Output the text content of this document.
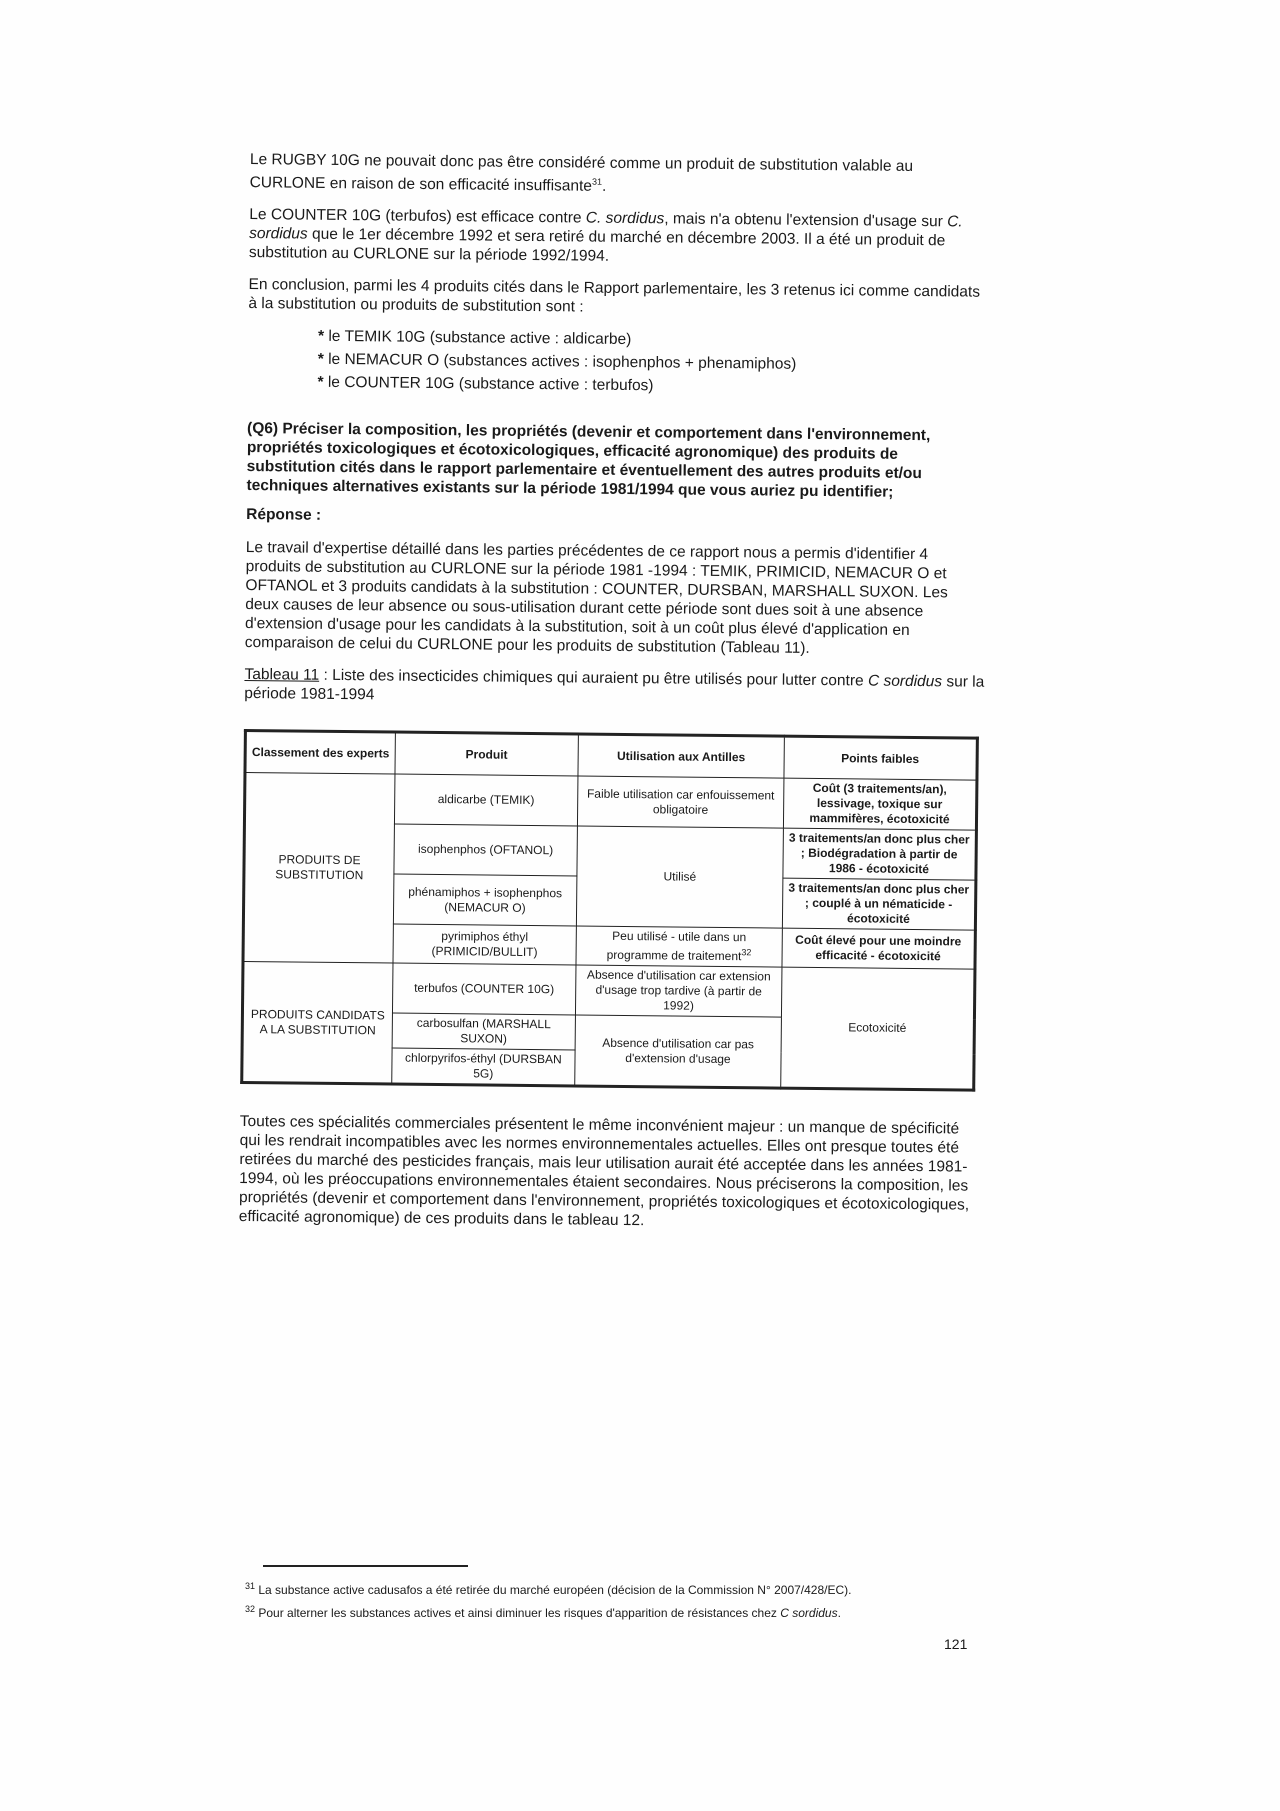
Le RUGBY 10G ne pouvait donc pas être considéré comme un produit de substitution valable au CURLONE en raison de son efficacité insuffisante$^{31}$.

Le COUNTER 10G (terbufos) est efficace contre C. sordidus, mais n'a obtenu l'extension d'usage sur C. sordidus que le 1er décembre 1992 et sera retiré du marché en décembre 2003. Il a été un produit de substitution au CURLONE sur la période 1992/1994.

En conclusion, parmi les 4 produits cités dans le Rapport parlementaire, les 3 retenus ici comme candidats à la substitution ou produits de substitution sont :

* le TEMIK 10G (substance active : aldicarbe)
* le NEMACUR O (substances actives : isophenphos + phenamiphos)
* le COUNTER 10G (substance active : terbufos)

(Q6) Préciser la composition, les propriétés (devenir et comportement dans l'environnement, propriétés toxicologiques et écotoxicologiques, efficacité agronomique) des produits de substitution cités dans le rapport parlementaire et éventuellement des autres produits et/ou techniques alternatives existants sur la période 1981/1994 que vous auriez pu identifier;

Réponse :

Le travail d'expertise détaillé dans les parties précédentes de ce rapport nous a permis d'identifier 4 produits de substitution au CURLONE sur la période 1981 -1994 : TEMIK, PRIMICID, NEMACUR O et OFTANOL et 3 produits candidats à la substitution : COUNTER, DURSBAN, MARSHALL SUXON. Les deux causes de leur absence ou sous-utilisation durant cette période sont dues soit à une absence d'extension d'usage pour les candidats à la substitution, soit à un coût plus élevé d'application en comparaison de celui du CURLONE pour les produits de substitution (Tableau 11).

Tableau 11 : Liste des insecticides chimiques qui auraient pu être utilisés pour lutter contre C sordidus sur la période 1981-1994

Classement des experts	Produit	Utilisation aux Antilles	Points faibles
PRODUITS DE SUBSTITUTION	aldicarbe (TEMIK)	Faible utilisation car enfouissement obligatoire	Coût (3 traitements/an), lessivage, toxique sur mammifères, écotoxicité
	isophenphos (OFTANOL)	Utilisé	3 traitements/an donc plus cher ; Biodégradation à partir de 1986 - écotoxicité
	phénamiphos + isophenphos (NEMACUR O)		3 traitements/an donc plus cher ; couplé à un nématicide - écotoxicité
	pyrimiphos éthyl (PRIMICID/BULLIT)	Peu utilisé - utile dans un programme de traitement$^{32}$	Coût élevé pour une moindre efficacité - écotoxicité
PRODUITS CANDIDATS A LA SUBSTITUTION	terbufos (COUNTER 10G)	Absence d'utilisation car extension d'usage trop tardive (à partir de 1992)	Ecotoxicité
	carbosulfan (MARSHALL SUXON)	Absence d'utilisation car pas d'extension d'usage	
	chlorpyrifos-éthyl (DURSBAN 5G)		

Toutes ces spécialités commerciales présentent le même inconvénient majeur : un manque de spécificité qui les rendrait incompatibles avec les normes environnementales actuelles. Elles ont presque toutes été retirées du marché des pesticides français, mais leur utilisation aurait été acceptée dans les années 1981-1994, où les préoccupations environnementales étaient secondaires. Nous préciserons la composition, les propriétés (devenir et comportement dans l'environnement, propriétés toxicologiques et écotoxicologiques, efficacité agronomique) de ces produits dans le tableau 12.

$^{31}$ La substance active cadusafos a été retirée du marché européen (décision de la Commission N° 2007/428/EC).

$^{32}$ Pour alterner les substances actives et ainsi diminuer les risques d'apparition de résistances chez C sordidus.

121
